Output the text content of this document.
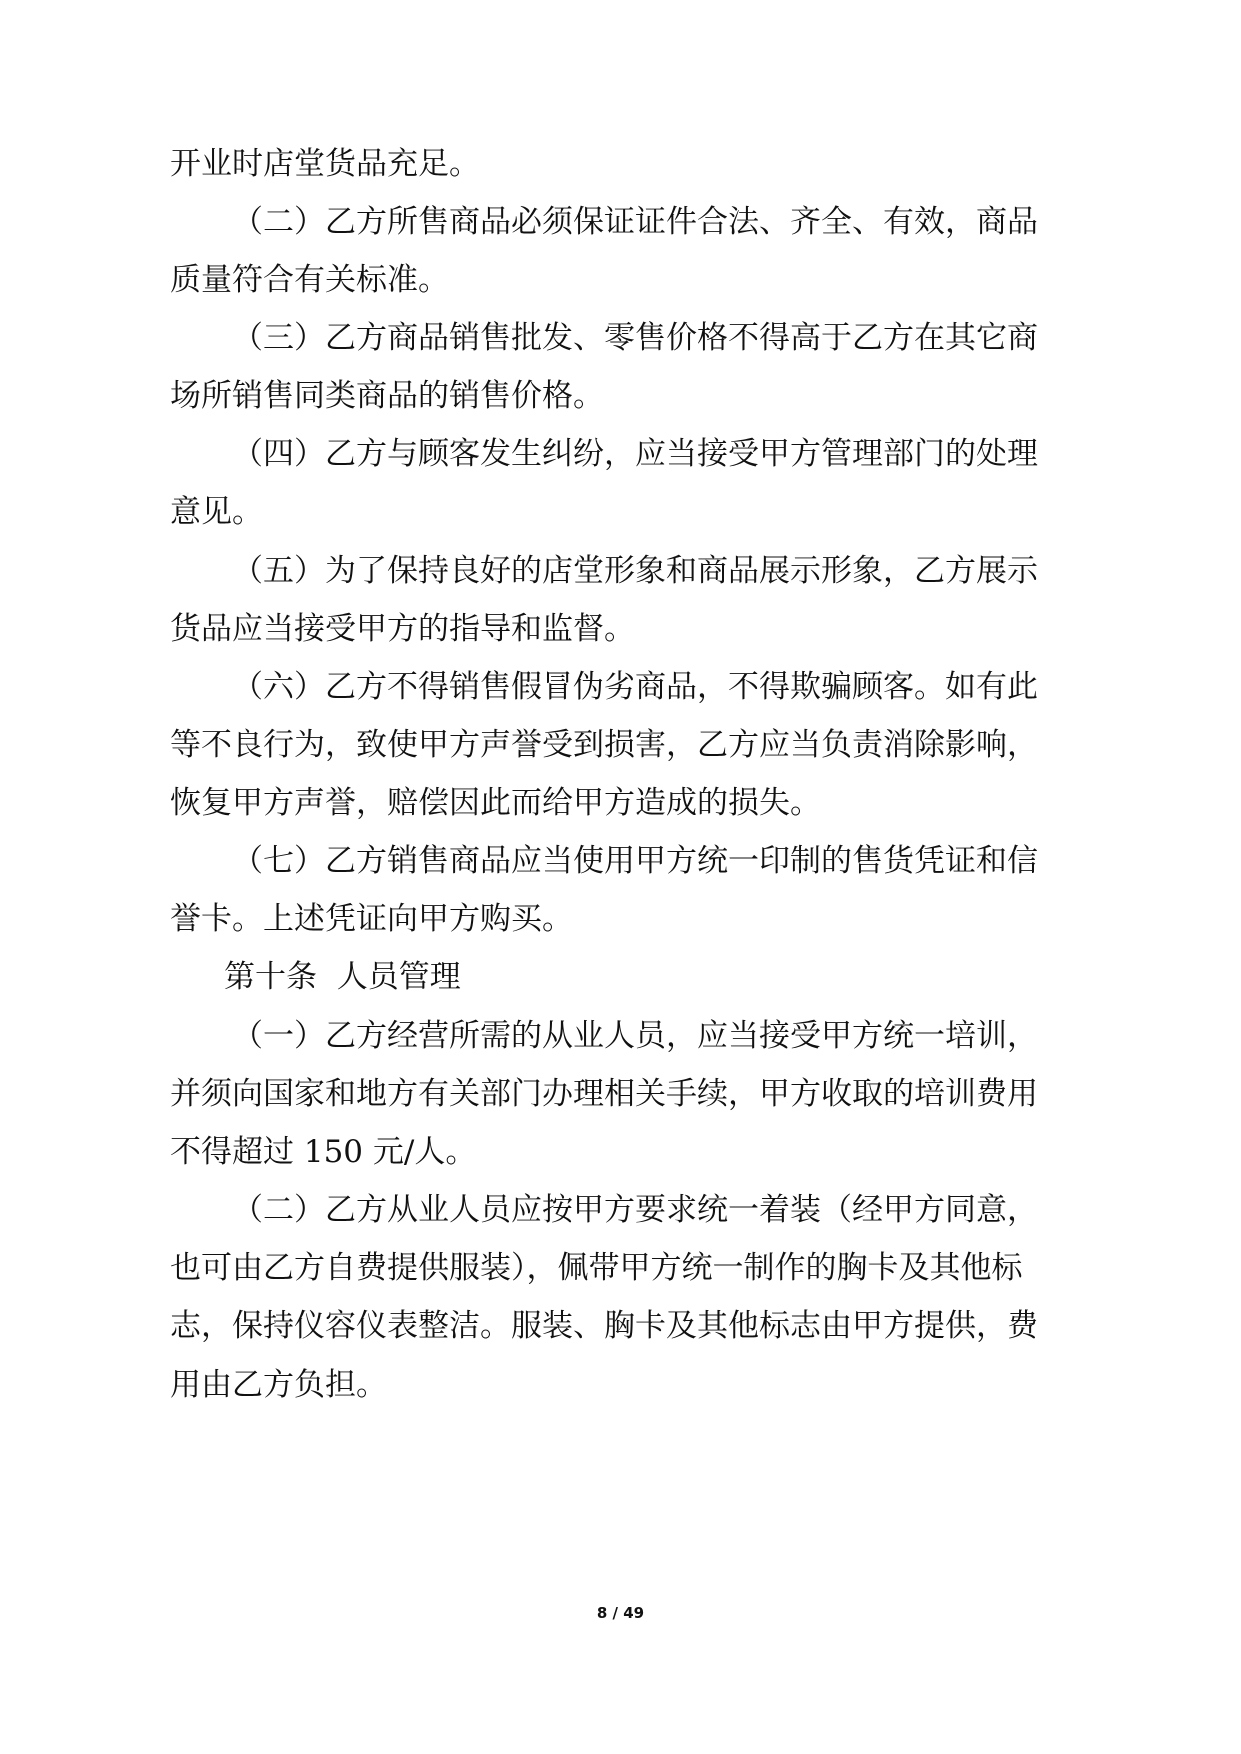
开业时店堂货品充足。
（二）乙方所售商品必须保证证件合法、齐全、有效，商品
质量符合有关标准。
（三）乙方商品销售批发、零售价格不得高于乙方在其它商
场所销售同类商品的销售价格。
（四）乙方与顾客发生纠纷，应当接受甲方管理部门的处理
意见。
（五）为了保持良好的店堂形象和商品展示形象，乙方展示
货品应当接受甲方的指导和监督。
（六）乙方不得销售假冒伪劣商品，不得欺骗顾客。如有此
等不良行为，致使甲方声誉受到损害，乙方应当负责消除影响，
恢复甲方声誉，赔偿因此而给甲方造成的损失。
（七）乙方销售商品应当使用甲方统一印制的售货凭证和信
誉卡。上述凭证向甲方购买。
第十条  人员管理
（一）乙方经营所需的从业人员，应当接受甲方统一培训，
并须向国家和地方有关部门办理相关手续，甲方收取的培训费用
不得超过 150 元/人。
（二）乙方从业人员应按甲方要求统一着装（经甲方同意，
也可由乙方自费提供服装），佩带甲方统一制作的胸卡及其他标
志，保持仪容仪表整洁。服装、胸卡及其他标志由甲方提供，费
用由乙方负担。
8 / 49
